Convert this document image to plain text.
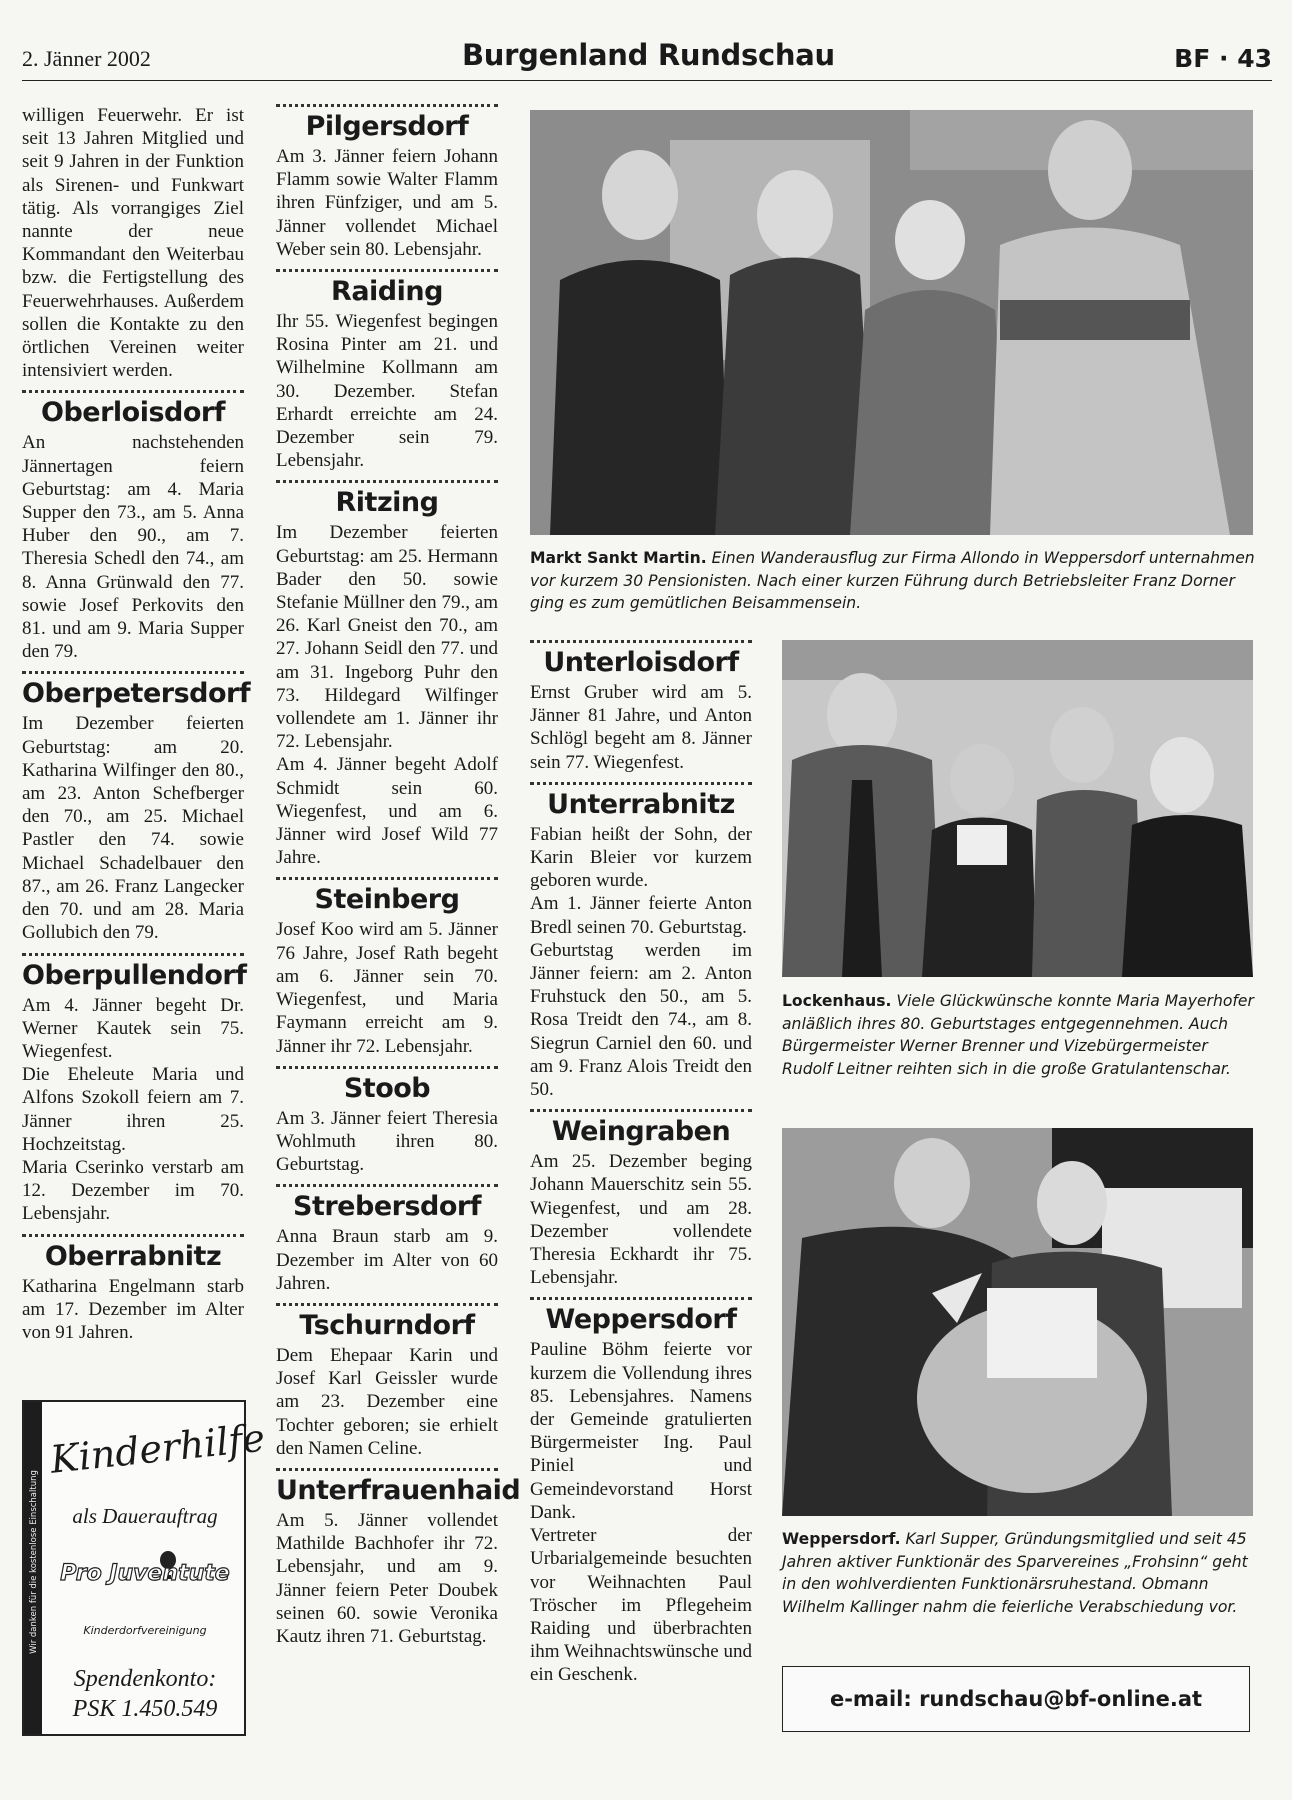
2. Jänner 2002	Burgenland Rundschau	BF · 43

willigen Feuerwehr. Er ist seit 13 Jahren Mitglied und seit 9 Jahren in der Funktion als Sirenen- und Funkwart tätig. Als vorrangiges Ziel nannte der neue Kommandant den Weiterbau bzw. die Fertigstellung des Feuerwehrhauses. Außerdem sollen die Kontakte zu den örtlichen Vereinen weiter intensiviert werden.

Oberloisdorf

An nachstehenden Jännertagen feiern Geburtstag: am 4. Maria Supper den 73., am 5. Anna Huber den 90., am 7. Theresia Schedl den 74., am 8. Anna Grünwald den 77. sowie Josef Perkovits den 81. und am 9. Maria Supper den 79.

Oberpetersdorf

Im Dezember feierten Geburtstag: am 20. Katharina Wilfinger den 80., am 23. Anton Schefberger den 70., am 25. Michael Pastler den 74. sowie Michael Schadelbauer den 87., am 26. Franz Langecker den 70. und am 28. Maria Gollubich den 79.

Oberpullendorf

Am 4. Jänner begeht Dr. Werner Kautek sein 75. Wiegenfest.

Die Eheleute Maria und Alfons Szokoll feiern am 7. Jänner ihren 25. Hochzeitstag.

Maria Cserinko verstarb am 12. Dezember im 70. Lebensjahr.

Oberrabnitz

Katharina Engelmann starb am 17. Dezember im Alter von 91 Jahren.

Wir danken für die kostenlose Einschaltung
Kinderhilfe
als Dauerauftrag
Pro Juventute
Kinderdorfvereinigung
Spendenkonto:
PSK 1.450.549
Pilgersdorf

Am 3. Jänner feiern Johann Flamm sowie Walter Flamm ihren Fünfziger, und am 5. Jänner vollendet Michael Weber sein 80. Lebensjahr.

Raiding

Ihr 55. Wiegenfest begingen Rosina Pinter am 21. und Wilhelmine Kollmann am 30. Dezember. Stefan Erhardt erreichte am 24. Dezember sein 79. Lebensjahr.

Ritzing

Im Dezember feierten Geburtstag: am 25. Hermann Bader den 50. sowie Stefanie Müllner den 79., am 26. Karl Gneist den 70., am 27. Johann Seidl den 77. und am 31. Ingeborg Puhr den 73. Hildegard Wilfinger vollendete am 1. Jänner ihr 72. Lebensjahr.

Am 4. Jänner begeht Adolf Schmidt sein 60. Wiegenfest, und am 6. Jänner wird Josef Wild 77 Jahre.

Steinberg

Josef Koo wird am 5. Jänner 76 Jahre, Josef Rath begeht am 6. Jänner sein 70. Wiegenfest, und Maria Faymann erreicht am 9. Jänner ihr 72. Lebensjahr.

Stoob

Am 3. Jänner feiert Theresia Wohlmuth ihren 80. Geburtstag.

Strebersdorf

Anna Braun starb am 9. Dezember im Alter von 60 Jahren.

Tschurndorf

Dem Ehepaar Karin und Josef Karl Geissler wurde am 23. Dezember eine Tochter geboren; sie erhielt den Namen Celine.

Unterfrauenhaid

Am 5. Jänner vollendet Mathilde Bachhofer ihr 72. Lebensjahr, und am 9. Jänner feiern Peter Doubek seinen 60. sowie Veronika Kautz ihren 71. Geburtstag.

Markt Sankt Martin. Einen Wanderausflug zur Firma Allondo in Weppersdorf unternahmen vor kurzem 30 Pensionisten. Nach einer kurzen Führung durch Betriebsleiter Franz Dorner ging es zum gemütlichen Beisammensein.
Unterloisdorf

Ernst Gruber wird am 5. Jänner 81 Jahre, und Anton Schlögl begeht am 8. Jänner sein 77. Wiegenfest.

Unterrabnitz

Fabian heißt der Sohn, der Karin Bleier vor kurzem geboren wurde.

Am 1. Jänner feierte Anton Bredl seinen 70. Geburtstag.

Geburtstag werden im Jänner feiern: am 2. Anton Fruhstuck den 50., am 5. Rosa Treidt den 74., am 8. Siegrun Carniel den 60. und am 9. Franz Alois Treidt den 50.

Weingraben

Am 25. Dezember beging Johann Mauerschitz sein 55. Wiegenfest, und am 28. Dezember vollendete Theresia Eckhardt ihr 75. Lebensjahr.

Weppersdorf

Pauline Böhm feierte vor kurzem die Vollendung ihres 85. Lebensjahres. Namens der Gemeinde gratulierten Bürgermeister Ing. Paul Piniel und Gemeindevorstand Horst Dank.

Vertreter der Urbarialgemeinde besuchten vor Weihnachten Paul Tröscher im Pflegeheim Raiding und überbrachten ihm Weihnachtswünsche und ein Geschenk.

Lockenhaus. Viele Glückwünsche konnte Maria Mayerhofer anläßlich ihres 80. Geburtstages entgegennehmen. Auch Bürgermeister Werner Brenner und Vizebürgermeister Rudolf Leitner reihten sich in die große Gratulantenschar.
Weppersdorf. Karl Supper, Gründungsmitglied und seit 45 Jahren aktiver Funktionär des Sparvereines „Frohsinn“ geht in den wohlverdienten Funktionärsruhestand. Obmann Wilhelm Kallinger nahm die feierliche Verabschiedung vor.
e-mail: rundschau@bf-online.at
